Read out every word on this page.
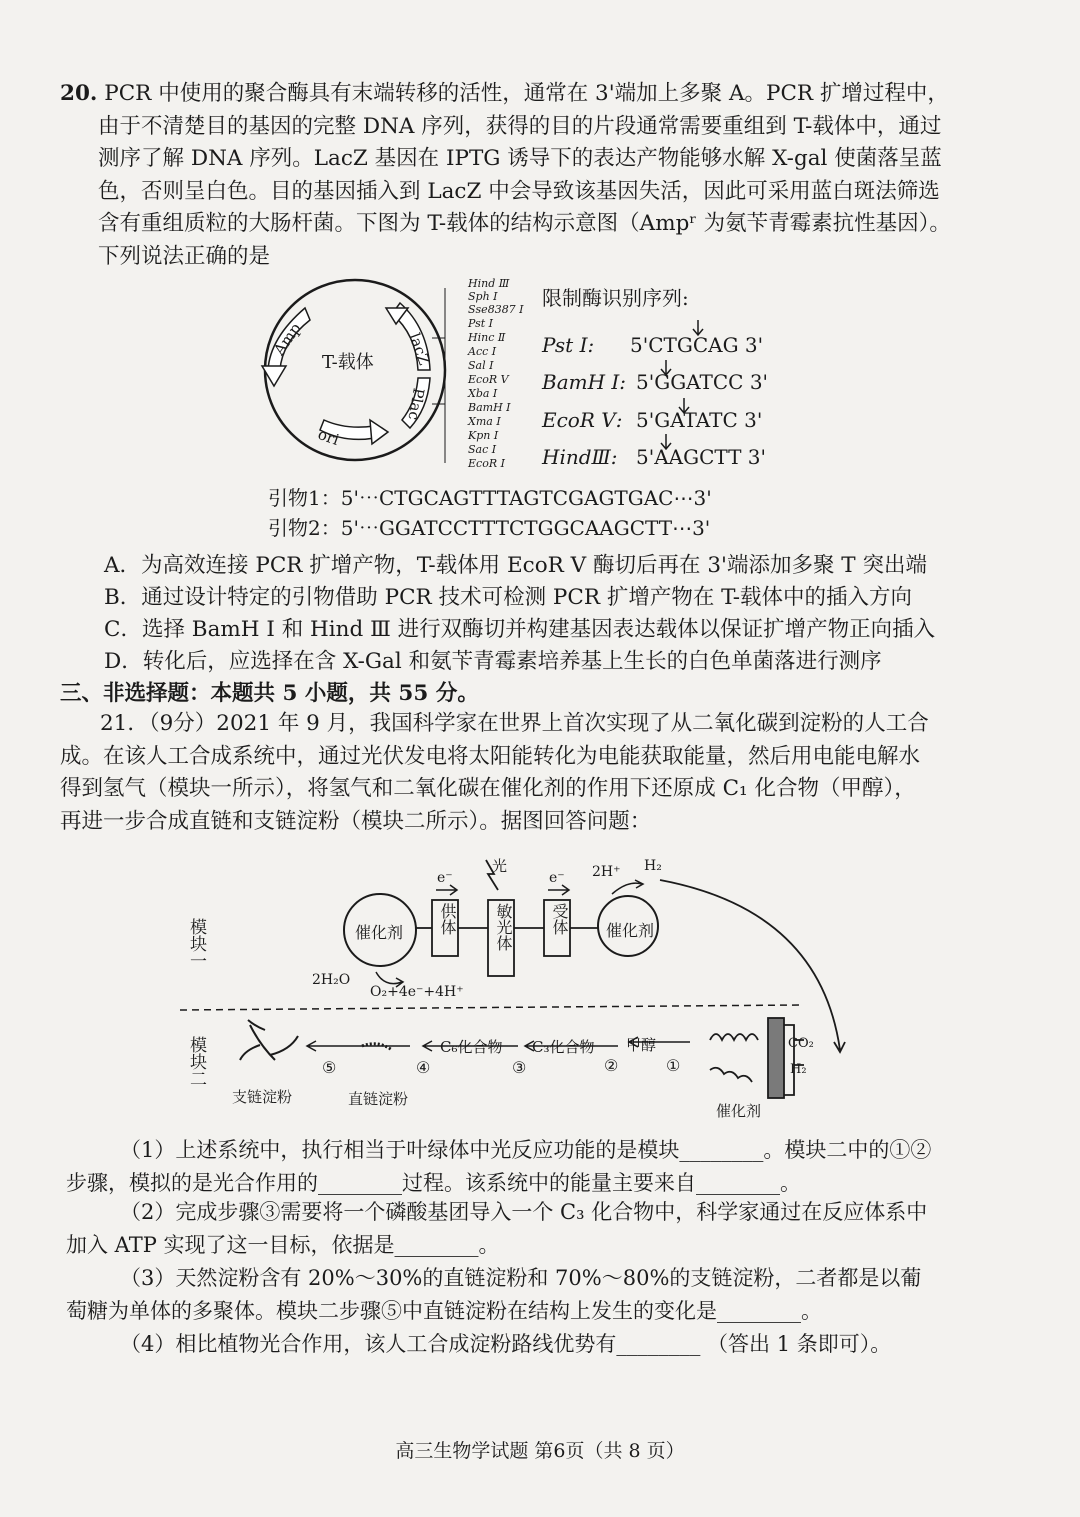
20. PCR 中使用的聚合酶具有末端转移的活性，通常在 3'端加上多聚 A。PCR 扩增过程中，由于不清楚目的基因的完整 DNA 序列，获得的目的片段通常需要重组到 T-载体中，通过测序了解 DNA 序列。LacZ 基因在 IPTG 诱导下的表达产物能够水解 X-gal 使菌落呈蓝色，否则呈白色。目的基因插入到 LacZ 中会导致该基因失活，因此可采用蓝白斑法筛选含有重组质粒的大肠杆菌。下图为 T-载体的结构示意图（Ampʳ 为氨苄青霉素抗性基因）。下列说法正确的是
T-载体
Amp	lacZ
Plac
ori
Hind Ⅲ
Sph Ⅰ
Sse8387 Ⅰ
Pst Ⅰ
Hinc Ⅱ
Acc Ⅰ
Sal Ⅰ
EcoR Ⅴ
Xba Ⅰ
BamH Ⅰ
Xma Ⅰ
Kpn Ⅰ
Sac Ⅰ
EcoR Ⅰ
限制酶识别序列:
Pst Ⅰ: 5'CTGCAG 3'
BamH Ⅰ: 5'GGATCC 3'
EcoR Ⅴ: 5'GATATC 3'
HindⅢ: 5'AAGCTT 3'
引物1：5'⋯CTGCAGTTTAGTCGAGTGAC⋯3'
引物2：5'⋯GGATCCTTTCTGGCAAGCTT⋯3'
A．为高效连接 PCR 扩增产物，T-载体用 EcoR Ⅴ 酶切后再在 3'端添加多聚 T 突出端
B．通过设计特定的引物借助 PCR 技术可检测 PCR 扩增产物在 T-载体中的插入方向
C．选择 BamH Ⅰ 和 Hind Ⅲ 进行双酶切并构建基因表达载体以保证扩增产物正向插入
D．转化后，应选择在含 X-Gal 和氨苄青霉素培养基上生长的白色单菌落进行测序
三、非选择题：本题共 5 小题，共 55 分。
21．（9分）2021 年 9 月，我国科学家在世界上首次实现了从二氧化碳到淀粉的人工合成。在该人工合成系统中，通过光伏发电将太阳能转化为电能获取能量，然后用电能电解水得到氢气（模块一所示），将氢气和二氧化碳在催化剂的作用下还原成 C₁ 化合物（甲醇），再进一步合成直链和支链淀粉（模块二所示）。据图回答问题：
模块一
模块二
催化剂 供体 敏光体 受体 催化剂
光
e⁻	e⁻
2H₂O
O₂+4e⁻+4H⁺
2H⁺ H₂
支链淀粉	直链淀粉
C₆化合物 C₃化合物 甲醇
催化剂
CO₂
H₂
⑤	④	③	②	①
（1）上述系统中，执行相当于叶绿体中光反应功能的是模块________。模块二中的①②步骤，模拟的是光合作用的________过程。该系统中的能量主要来自________。
（2）完成步骤③需要将一个磷酸基团导入一个 C₃ 化合物中，科学家通过在反应体系中加入 ATP 实现了这一目标，依据是________。
（3）天然淀粉含有 20%～30%的直链淀粉和 70%～80%的支链淀粉，二者都是以葡萄糖为单体的多聚体。模块二步骤⑤中直链淀粉在结构上发生的变化是________。
（4）相比植物光合作用，该人工合成淀粉路线优势有________ （答出 1 条即可）。
高三生物学试题 第6页（共 8 页）
